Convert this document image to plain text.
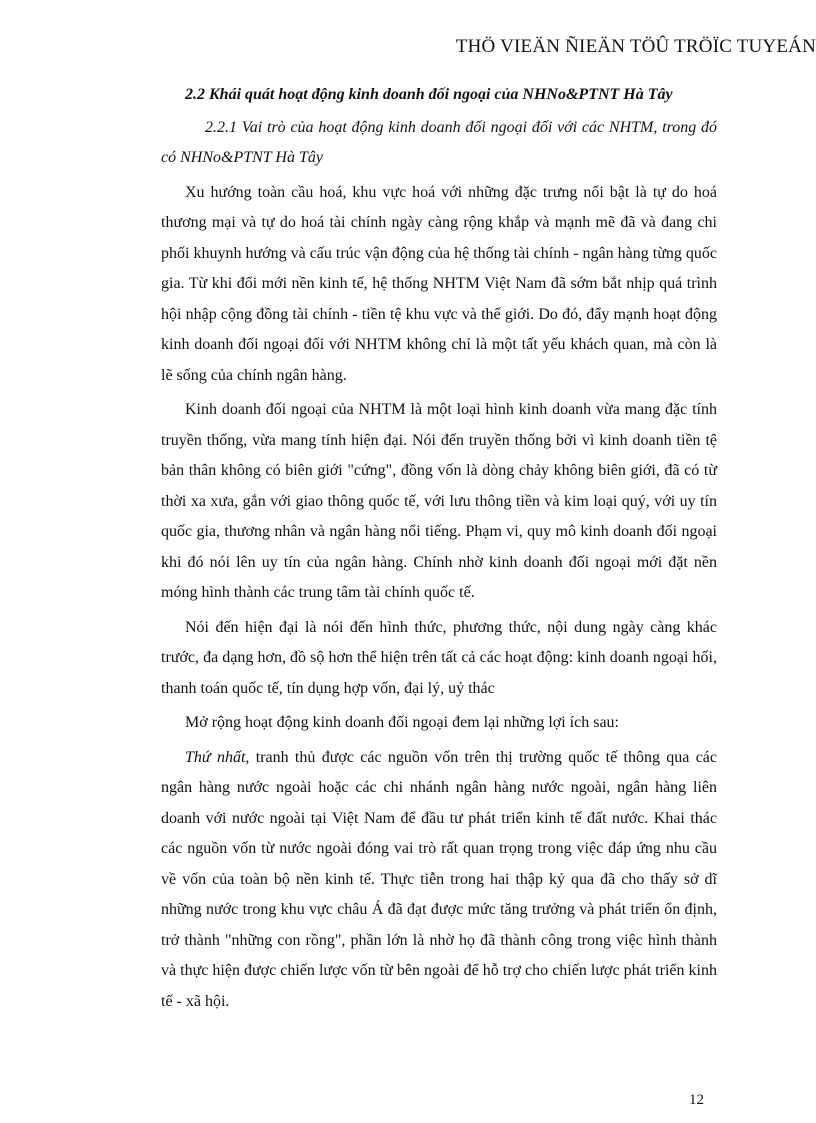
THÖ VIEÄN ÑIEÄN TÖÛ TRÖÏC TUYEÁN

2.2 Khái quát hoạt động kinh doanh đối ngoại của NHNo&PTNT Hà Tây

2.2.1 Vai trò của hoạt động kinh doanh đối ngoại đối với các NHTM, trong đó có NHNo&PTNT Hà Tây

Xu hướng toàn cầu hoá, khu vực hoá với những đặc trưng nổi bật là tự do hoá thương mại và tự do hoá tài chính ngày càng rộng khắp và mạnh mẽ đã và đang chi phối khuynh hướng và cấu trúc vận động của hệ thống tài chính - ngân hàng từng quốc gia. Từ khi đổi mới nền kinh tế, hệ thống NHTM Việt Nam đã sớm bắt nhịp quá trình hội nhập cộng đồng tài chính - tiền tệ khu vực và thế giới. Do đó, đẩy mạnh hoạt động kinh doanh đối ngoại đối với NHTM không chỉ là một tất yếu khách quan, mà còn là lẽ sống của chính ngân hàng.

Kinh doanh đối ngoại của NHTM là một loại hình kinh doanh vừa mang đặc tính truyền thống, vừa mang tính hiện đại. Nói đến truyền thống bởi vì kinh doanh tiền tệ bản thân không có biên giới "cứng", đồng vốn là dòng chảy không biên giới, đã có từ thời xa xưa, gắn với giao thông quốc tế, với lưu thông tiền và kim loại quý, với uy tín quốc gia, thương nhân và ngân hàng nổi tiếng. Phạm vi, quy mô kinh doanh đối ngoại khi đó nói lên uy tín của ngân hàng. Chính nhờ kinh doanh đối ngoại mới đặt nền móng hình thành các trung tâm tài chính quốc tế.

Nói đến hiện đại là nói đến hình thức, phương thức, nội dung ngày càng khác trước, đa dạng hơn, đồ sộ hơn thể hiện trên tất cả các hoạt động: kinh doanh ngoại hối, thanh toán quốc tế, tín dụng hợp vốn, đại lý, uỷ thác

Mở rộng hoạt động kinh doanh đối ngoại đem lại những lợi ích sau:

Thứ nhất, tranh thủ được các nguồn vốn trên thị trường quốc tế thông qua các ngân hàng nước ngoài hoặc các chi nhánh ngân hàng nước ngoài, ngân hàng liên doanh với nước ngoài tại Việt Nam để đầu tư phát triển kinh tế đất nước. Khai thác các nguồn vốn từ nước ngoài đóng vai trò rất quan trọng trong việc đáp ứng nhu cầu về vốn của toàn bộ nền kinh tế. Thực tiễn trong hai thập kỷ qua đã cho thấy sở dĩ những nước trong khu vực châu Á đã đạt được mức tăng trưởng và phát triển ổn định, trở thành "những con rồng", phần lớn là nhờ họ đã thành công trong việc hình thành và thực hiện được chiến lược vốn từ bên ngoài để hỗ trợ cho chiến lược phát triển kinh tế - xã hội.

12
